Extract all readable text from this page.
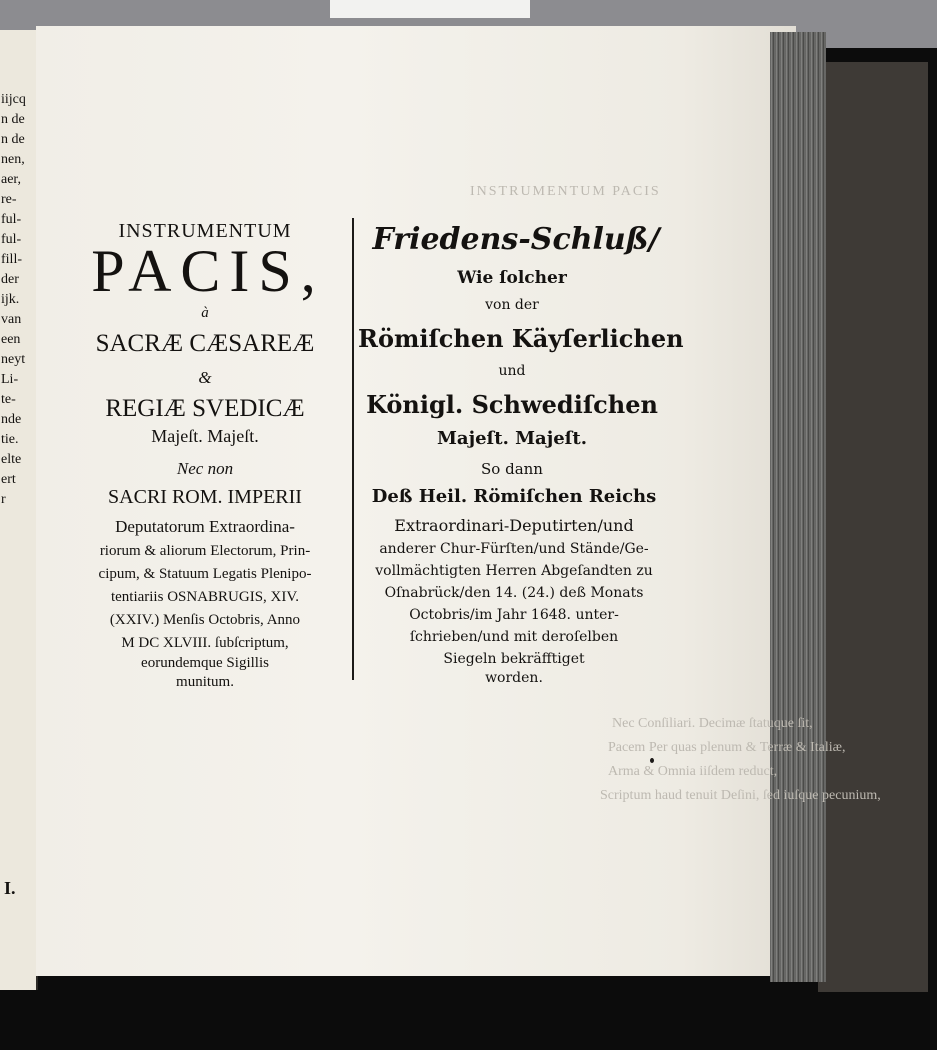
iijcq
n de
n de
nen,
aer,
re-
ful-
ful-
fill-
der
ijk.
van
een
neyt
Li-
te-
nde
tie.
elte
ert
r
INSTRUMENTUM PACIS
Nec Conſiliari. Decimæ ſtatuque ſit,
Pacem Per quas plenum & Terræ & Italiæ,
Arma & Omnia iiſdem reduct,
Scriptum haud tenuit Deſini, ſed iuſque pecunium,
INSTRUMENTUM
PACIS,
à
SACRÆ CÆSAREÆ
&
REGIÆ SVEDICÆ
Majeſt. Majeſt.
Nec non
SACRI ROM. IMPERII
Deputatorum Extraordina-
riorum & aliorum Electorum, Prin-
cipum, & Statuum Legatis Plenipo-
tentiariis OSNABRUGIS, XIV.
(XXIV.) Menſis Octobris, Anno
M DC XLVIII. ſubſcriptum,
eorundemque Sigillis
munitum.
Friedens-Schluß/
Wie ſolcher
von der
Römiſchen Käyſerlichen
und
Königl. Schwediſchen
Majeſt. Majeſt.
So dann
Deß Heil. Römiſchen Reichs
Extraordinari-Deputirten/und
anderer Chur-Fürſten/und Stände/Ge-
vollmächtigten Herren Abgeſandten zu
Oſnabrück/den 14. (24.) deß Monats
Octobris/im Jahr 1648. unter-
ſchrieben/und mit deroſelben
Siegeln bekräfftiget
worden.
I.
